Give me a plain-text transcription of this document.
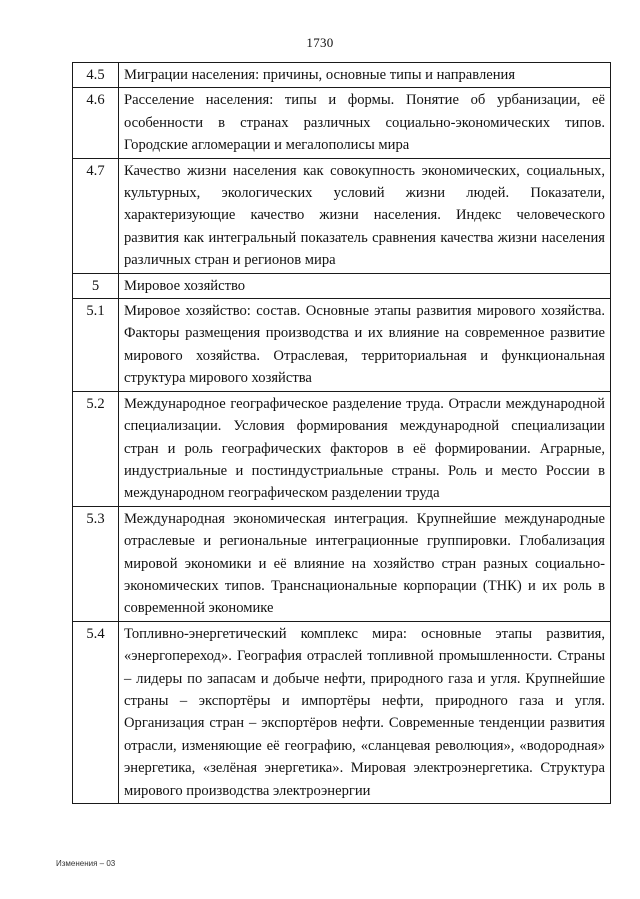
1730
4.5	Миграции населения: причины, основные типы и направления
4.6	Расселение населения: типы и формы. Понятие об урбанизации, её особенности в странах различных социально-экономических типов. Городские агломерации и мегалополисы мира
4.7	Качество жизни населения как совокупность экономических, социальных, культурных, экологических условий жизни людей. Показатели, характеризующие качество жизни населения. Индекс человеческого развития как интегральный показатель сравнения качества жизни населения различных стран и регионов мира
5	Мировое хозяйство
5.1	Мировое хозяйство: состав. Основные этапы развития мирового хозяйства. Факторы размещения производства и их влияние на современное развитие мирового хозяйства. Отраслевая, территориальная и функциональная структура мирового хозяйства
5.2	Международное географическое разделение труда. Отрасли международной специализации. Условия формирования международной специализации стран и роль географических факторов в её формировании. Аграрные, индустриальные и постиндустриальные страны. Роль и место России в международном географическом разделении труда
5.3	Международная экономическая интеграция. Крупнейшие международные отраслевые и региональные интеграционные группировки. Глобализация мировой экономики и её влияние на хозяйство стран разных социально-экономических типов. Транснациональные корпорации (ТНК) и их роль в современной экономике
5.4	Топливно-энергетический комплекс мира: основные этапы развития, «энергопереход». География отраслей топливной промышленности. Страны – лидеры по запасам и добыче нефти, природного газа и угля. Крупнейшие страны – экспортёры и импортёры нефти, природного газа и угля. Организация стран – экспортёров нефти. Современные тенденции развития отрасли, изменяющие её географию, «сланцевая революция», «водородная» энергетика, «зелёная энергетика». Мировая электроэнергетика. Структура мирового производства электроэнергии
Изменения – 03
